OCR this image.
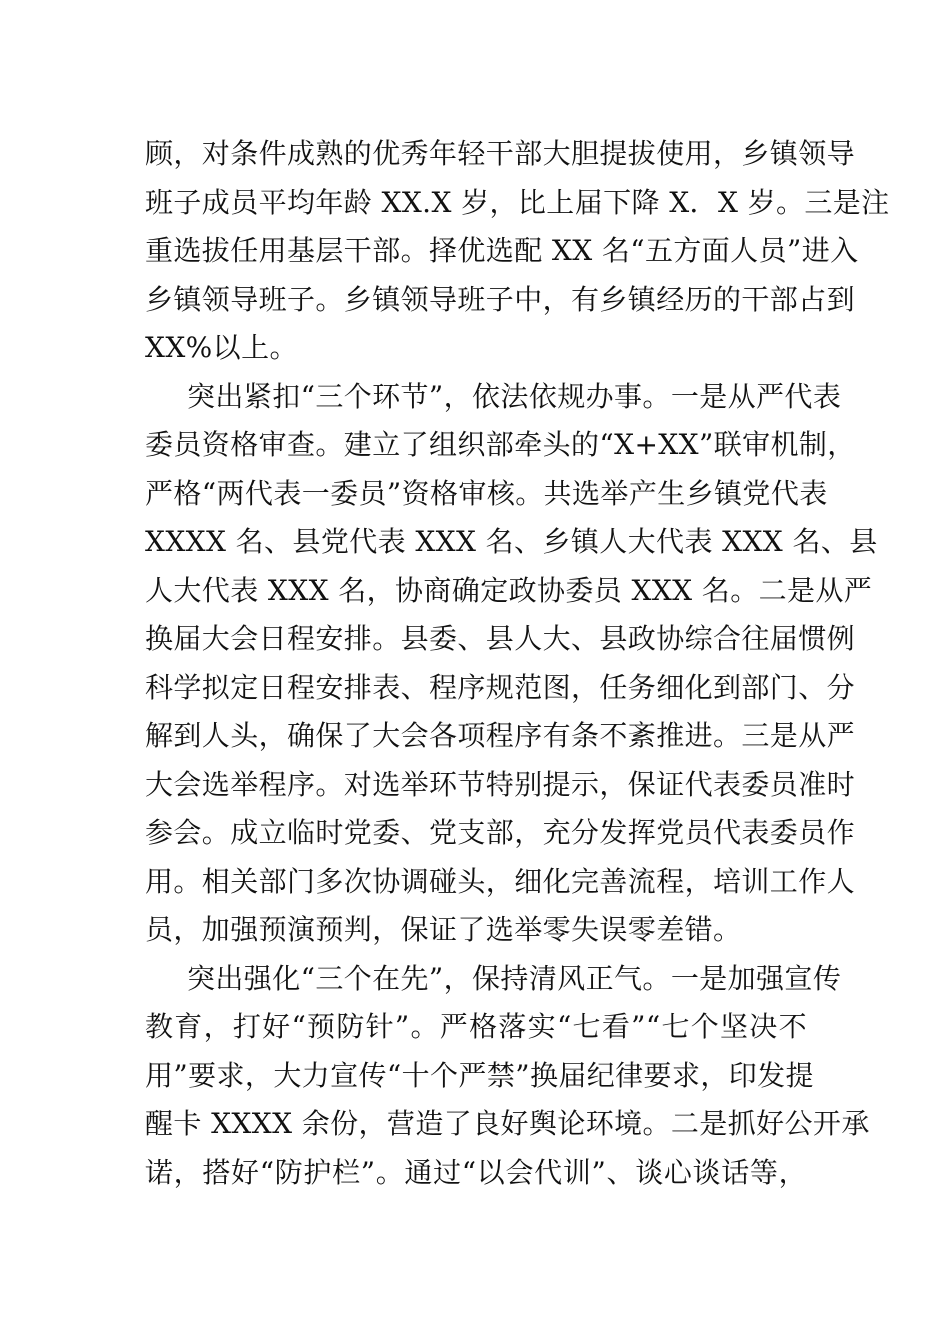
顾，对条件成熟的优秀年轻干部大胆提拔使用，乡镇领导
班子成员平均年龄 XX.X 岁，比上届下降 X．X 岁。三是注
重选拔任用基层干部。择优选配 XX 名“五方面人员”进入
乡镇领导班子。乡镇领导班子中，有乡镇经历的干部占到
XX%以上。
突出紧扣“三个环节”，依法依规办事。一是从严代表
委员资格审查。建立了组织部牵头的“X+XX”联审机制，
严格“两代表一委员”资格审核。共选举产生乡镇党代表
XXXX 名、县党代表 XXX 名、乡镇人大代表 XXX 名、县
人大代表 XXX 名，协商确定政协委员 XXX 名。二是从严
换届大会日程安排。县委、县人大、县政协综合往届惯例
科学拟定日程安排表、程序规范图，任务细化到部门、分
解到人头，确保了大会各项程序有条不紊推进。三是从严
大会选举程序。对选举环节特别提示，保证代表委员准时
参会。成立临时党委、党支部，充分发挥党员代表委员作
用。相关部门多次协调碰头，细化完善流程，培训工作人
员，加强预演预判，保证了选举零失误零差错。
突出强化“三个在先”，保持清风正气。一是加强宣传
教育，打好“预防针”。严格落实“七看”“七个坚决不
用”要求，大力宣传“十个严禁”换届纪律要求，印发提
醒卡 XXXX 余份，营造了良好舆论环境。二是抓好公开承
诺，搭好“防护栏”。通过“以会代训”、谈心谈话等，
